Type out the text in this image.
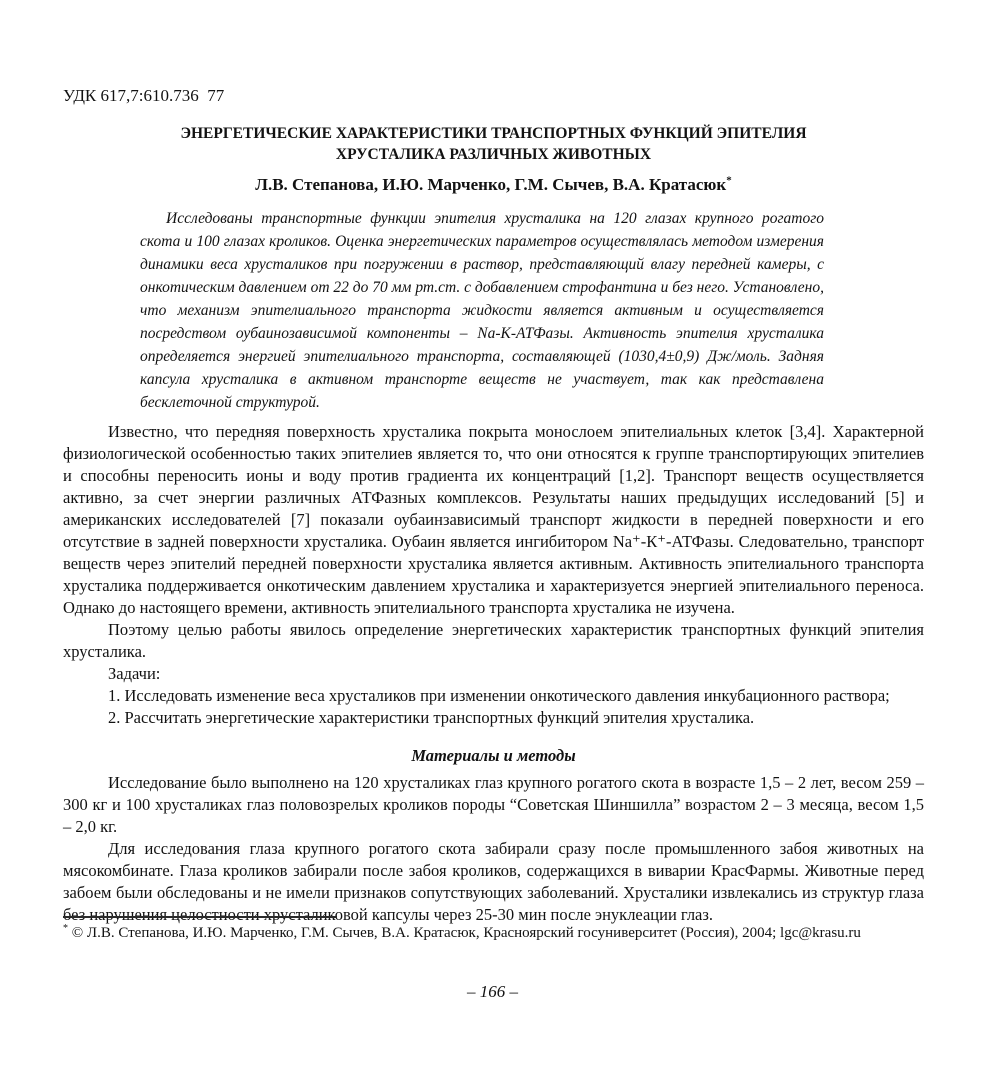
УДК 617,7:610.736  77
ЭНЕРГЕТИЧЕСКИЕ ХАРАКТЕРИСТИКИ ТРАНСПОРТНЫХ ФУНКЦИЙ ЭПИТЕЛИЯ
ХРУСТАЛИКА РАЗЛИЧНЫХ ЖИВОТНЫХ
Л.В. Степанова, И.Ю. Марченко, Г.М. Сычев, В.А. Кратасюк*

Исследованы транспортные функции эпителия хрусталика на 120 глазах крупного рогатого скота и 100 глазах кроликов. Оценка энергетических параметров осуществлялась методом измерения динамики веса хрусталиков при погружении в раствор, представляющий влагу передней камеры, с онкотическим давлением от 22 до 70 мм рт.ст. с добавлением строфантина и без него. Установлено, что механизм эпителиального транспорта жидкости является активным и осуществляется посредством оубаинозависимой компоненты – Na-К-АТФазы. Активность эпителия хрусталика определяется энергией эпителиального транспорта, составляющей (1030,4±0,9) Дж/моль. Задняя капсула хрусталика в активном транспорте веществ не участвует, так как представлена бесклеточной структурой.

Известно, что передняя поверхность хрусталика покрыта монослоем эпителиальных клеток [3,4]. Характерной физиологической особенностью таких эпителиев является то, что они относятся к группе транспортирующих эпителиев и способны переносить ионы и воду против градиента их концентраций [1,2]. Транспорт веществ осуществляется активно, за счет энергии различных АТФазных комплексов. Результаты наших предыдущих исследований [5] и американских исследователей [7] показали оубаинзависимый транспорт жидкости в передней поверхности и его отсутствие в задней поверхности хрусталика. Оубаин является ингибитором Na⁺-К⁺-АТФазы. Следовательно, транспорт веществ через эпителий передней поверхности хрусталика является активным. Активность эпителиального транспорта хрусталика поддерживается онкотическим давлением хрусталика и характеризуется энергией эпителиального переноса. Однако до настоящего времени, активность эпителиального транспорта хрусталика не изучена.

Поэтому целью работы явилось определение энергетических характеристик транспортных функций эпителия хрусталика.

Задачи:

1. Исследовать изменение веса хрусталиков при изменении онкотического давления инкубационного раствора;

2. Рассчитать энергетические характеристики транспортных функций эпителия хрусталика.

Материалы и методы

Исследование было выполнено на 120 хрусталиках глаз крупного рогатого скота в возрасте 1,5 – 2 лет, весом 259 – 300 кг и 100 хрусталиках глаз половозрелых кроликов породы “Советская Шиншилла” возрастом 2 – 3 месяца, весом 1,5 – 2,0 кг.

Для исследования глаза крупного рогатого скота забирали сразу после промышленного забоя животных на мясокомбинате. Глаза кроликов забирали после забоя кроликов, содержащихся в виварии КрасФармы. Животные перед забоем были обследованы и не имели признаков сопутствующих заболеваний. Хрусталики извлекались из структур глаза без нарушения целостности хрусталиковой капсулы через 25-30 мин после энуклеации глаз.

* © Л.В. Степанова, И.Ю. Марченко, Г.М. Сычев, В.А. Кратасюк, Красноярский госуниверситет (Россия), 2004; lgc@krasu.ru

– 166 –
